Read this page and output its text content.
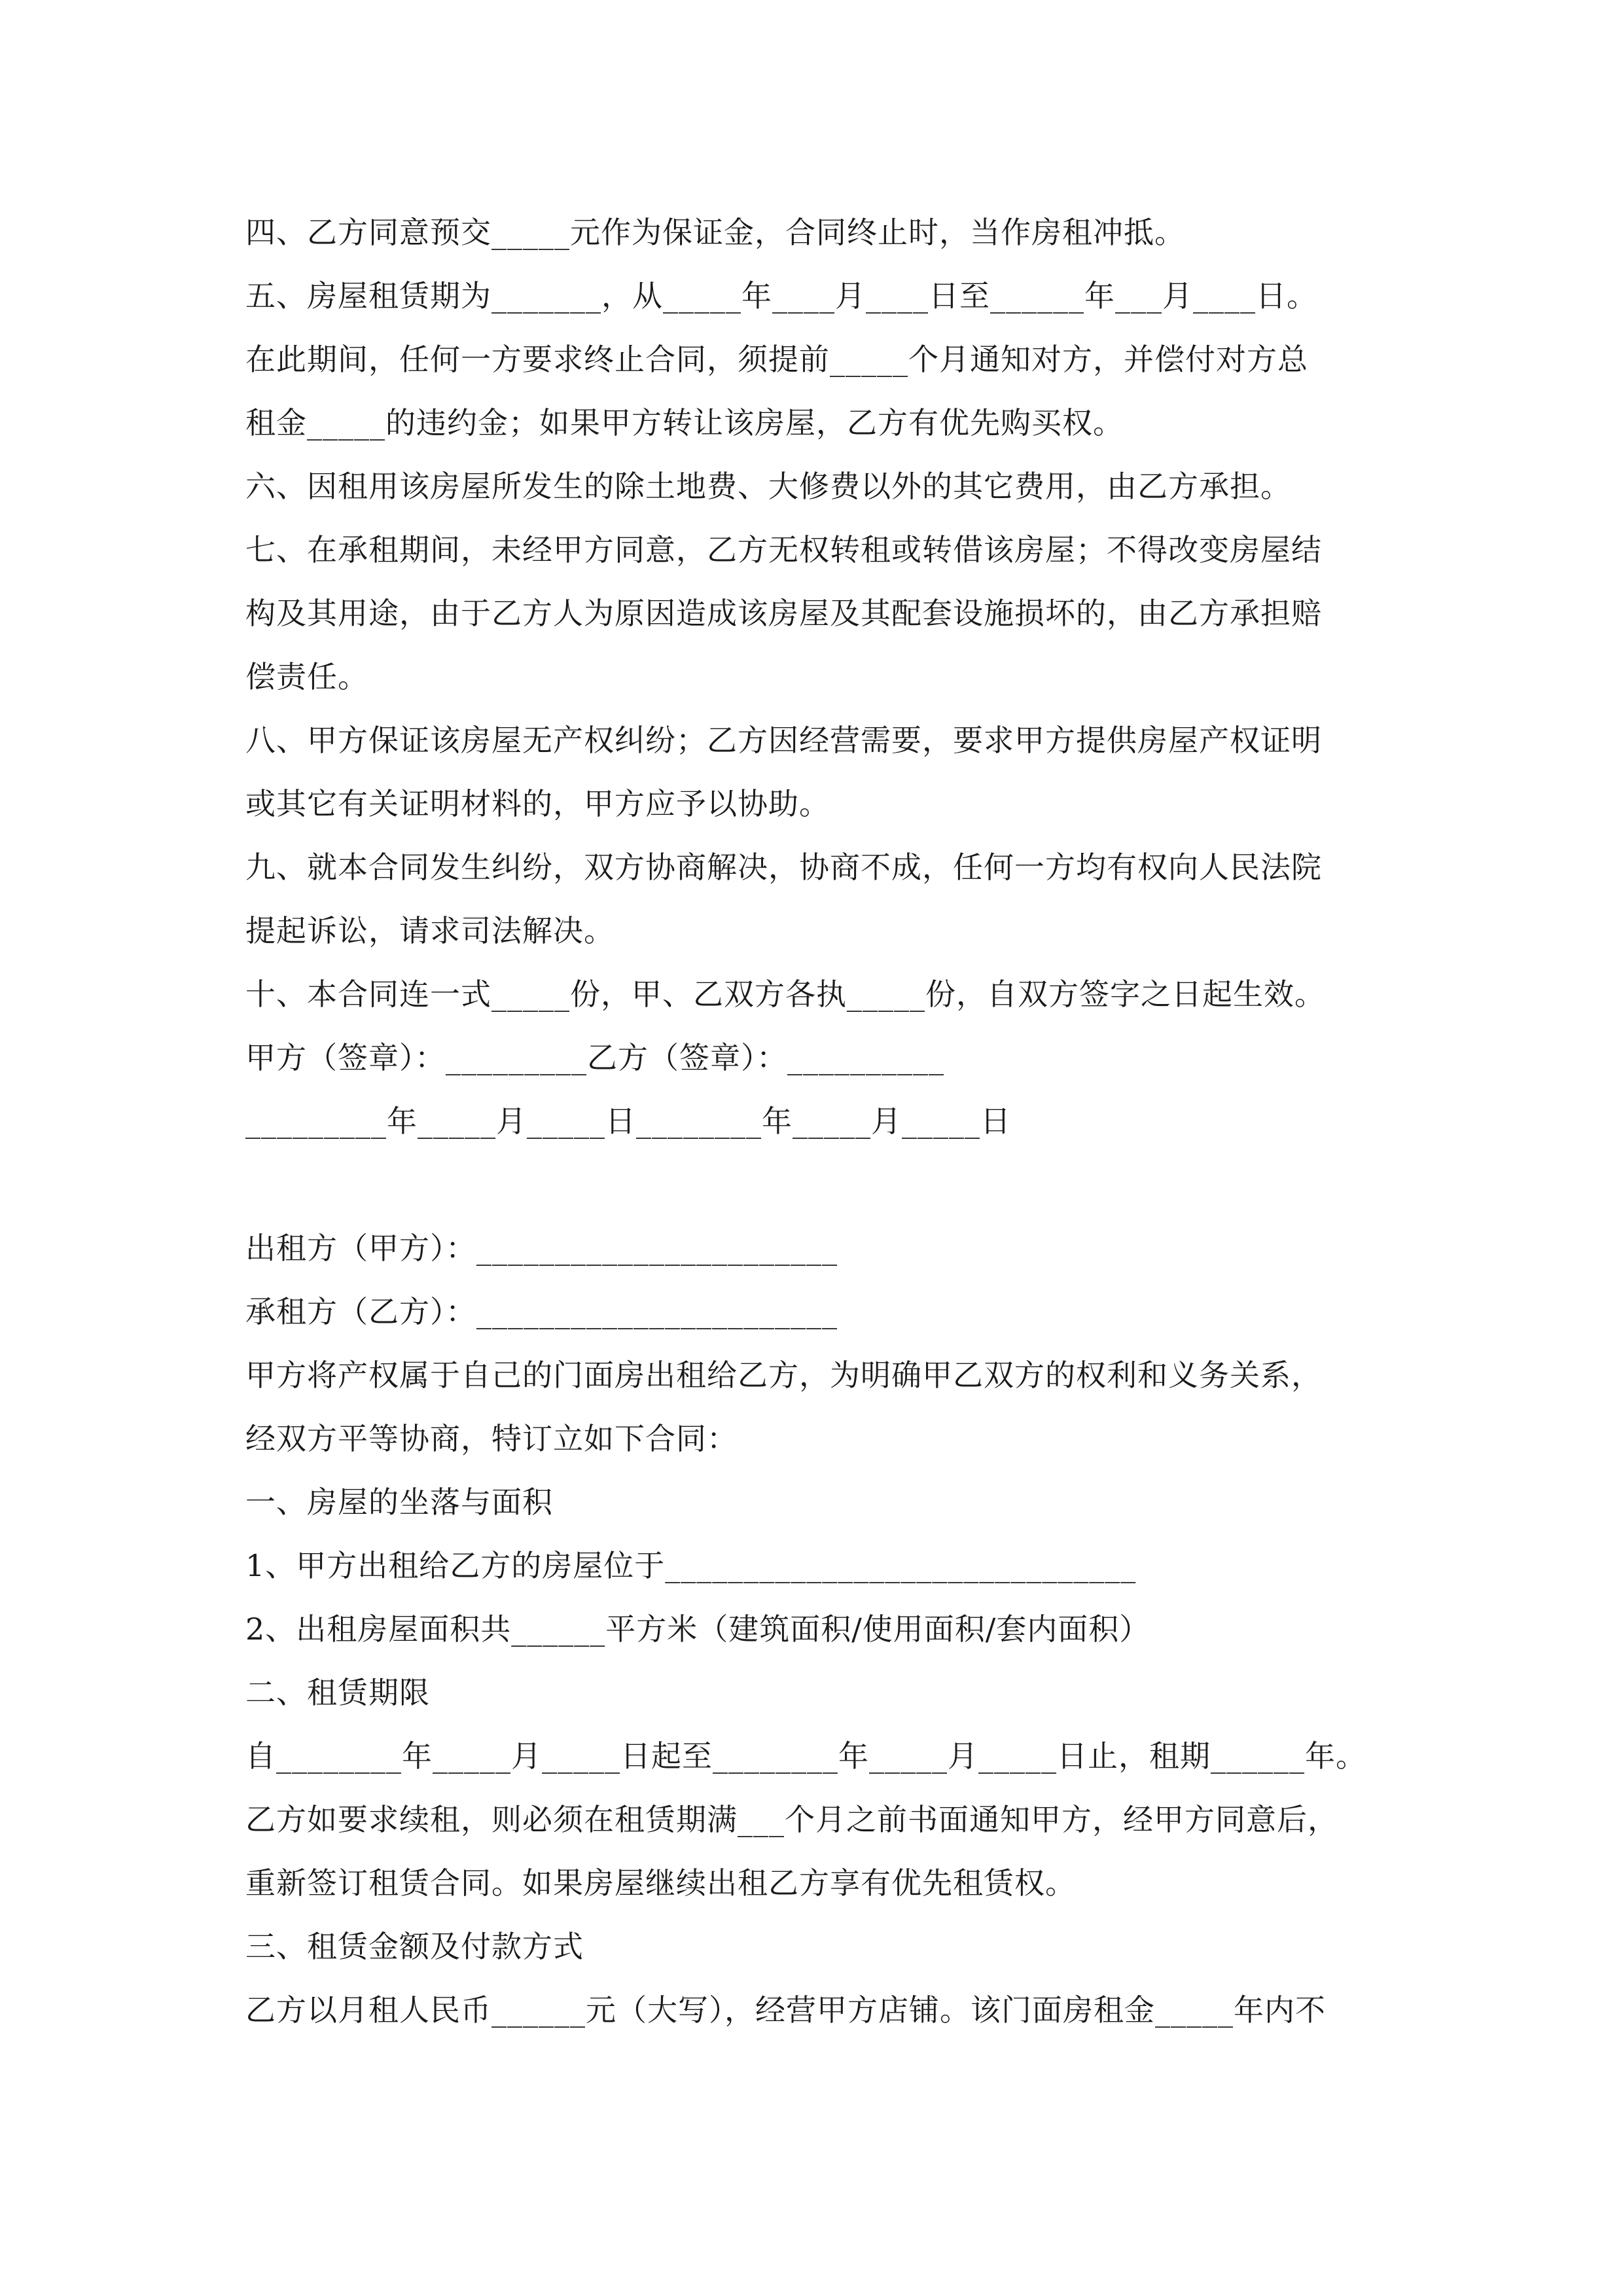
四、乙方同意预交_____元作为保证金，合同终止时，当作房租冲抵。
五、房屋租赁期为_______，从_____年____月____日至______年___月____日。
在此期间，任何一方要求终止合同，须提前_____个月通知对方，并偿付对方总
租金_____的违约金；如果甲方转让该房屋，乙方有优先购买权。
六、因租用该房屋所发生的除土地费、大修费以外的其它费用，由乙方承担。
七、在承租期间，未经甲方同意，乙方无权转租或转借该房屋；不得改变房屋结
构及其用途，由于乙方人为原因造成该房屋及其配套设施损坏的，由乙方承担赔
偿责任。
八、甲方保证该房屋无产权纠纷；乙方因经营需要，要求甲方提供房屋产权证明
或其它有关证明材料的，甲方应予以协助。
九、就本合同发生纠纷，双方协商解决，协商不成，任何一方均有权向人民法院
提起诉讼，请求司法解决。
十、本合同连一式_____份，甲、乙双方各执_____份，自双方签字之日起生效。
甲方（签章）：_________乙方（签章）：__________
_________年_____月_____日________年_____月_____日
出租方（甲方）：_______________________
承租方（乙方）：_______________________
甲方将产权属于自己的门面房出租给乙方，为明确甲乙双方的权利和义务关系，
经双方平等协商，特订立如下合同：
一、房屋的坐落与面积
1、甲方出租给乙方的房屋位于______________________________
2、出租房屋面积共______平方米（建筑面积/使用面积/套内面积）
二、租赁期限
自________年_____月_____日起至________年_____月_____日止，租期______年。
乙方如要求续租，则必须在租赁期满___个月之前书面通知甲方，经甲方同意后，
重新签订租赁合同。如果房屋继续出租乙方享有优先租赁权。
三、租赁金额及付款方式
乙方以月租人民币______元（大写），经营甲方店铺。该门面房租金_____年内不
